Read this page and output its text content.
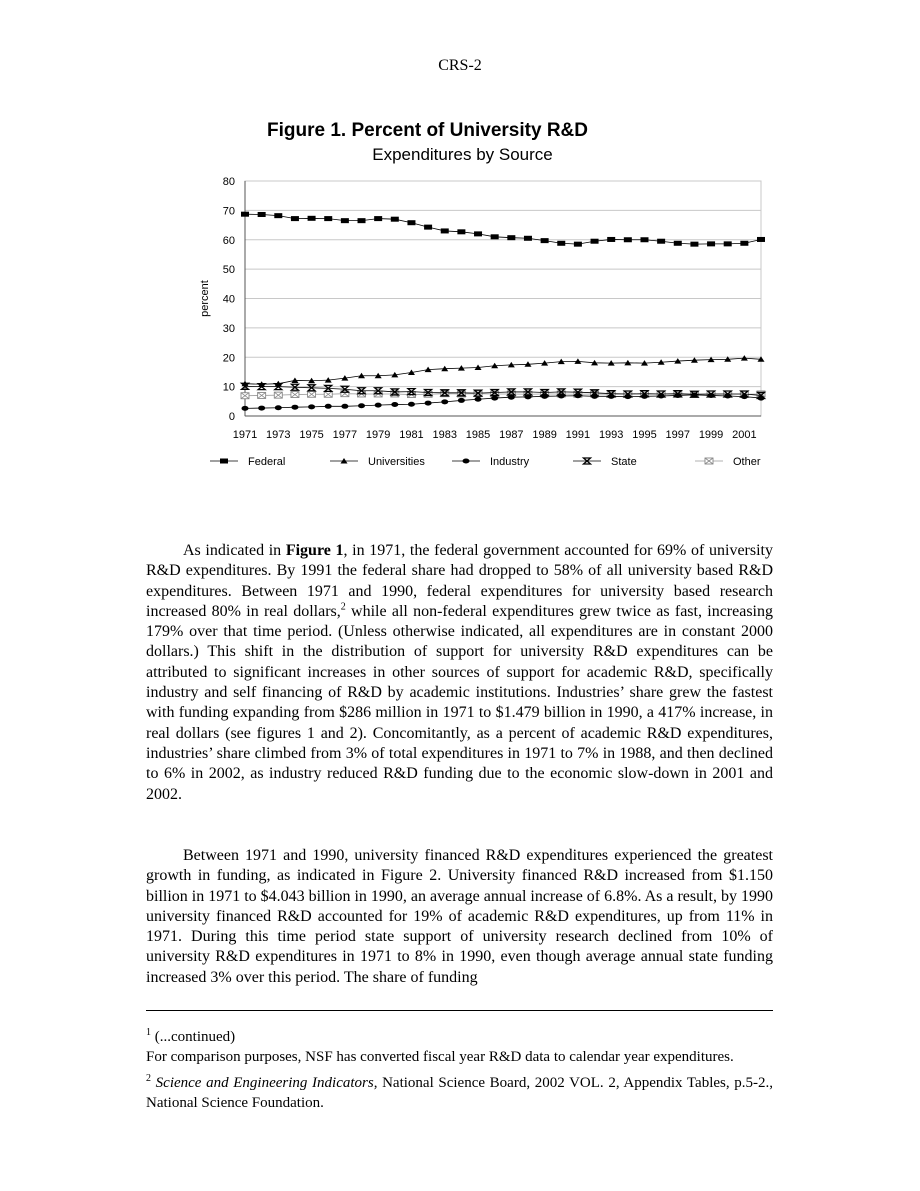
CRS-2
Figure 1. Percent of University R&D
Expenditures by Source
0
10
20
30
40
50
60
70
80
1971 1973 1975 1977 1979 1981 1983 1985 1987 1989 1991 1993 1995 1997 1999 2001
percent
Federal	Universities	Industry	State	Other

As indicated in Figure 1, in 1971, the federal government accounted for 69% of university R&D expenditures. By 1991 the federal share had dropped to 58% of all university based R&D expenditures. Between 1971 and 1990, federal expenditures for university based research increased 80% in real dollars,$^2$ while all non-federal expenditures grew twice as fast, increasing 179% over that time period. (Unless otherwise indicated, all expenditures are in constant 2000 dollars.) This shift in the distribution of support for university R&D expenditures can be attributed to significant increases in other sources of support for academic R&D, specifically industry and self financing of R&D by academic institutions. Industries’ share grew the fastest with funding expanding from $286 million in 1971 to $1.479 billion in 1990, a 417% increase, in real dollars (see figures 1 and 2). Concomitantly, as a percent of academic R&D expenditures, industries’ share climbed from 3% of total expenditures in 1971 to 7% in 1988, and then declined to 6% in 2002, as industry reduced R&D funding due to the economic slow-down in 2001 and 2002.

Between 1971 and 1990, university financed R&D expenditures experienced the greatest growth in funding, as indicated in Figure 2. University financed R&D increased from $1.150 billion in 1971 to $4.043 billion in 1990, an average annual increase of 6.8%. As a result, by 1990 university financed R&D accounted for 19% of academic R&D expenditures, up from 11% in 1971. During this time period state support of university research declined from 10% of university R&D expenditures in 1971 to 8% in 1990, even though average annual state funding increased 3% over this period. The share of funding

$^1$ (...continued)
For comparison purposes, NSF has converted fiscal year R&D data to calendar year expenditures.
$^2$ Science and Engineering Indicators, National Science Board, 2002 VOL. 2, Appendix Tables, p.5-2., National Science Foundation.
